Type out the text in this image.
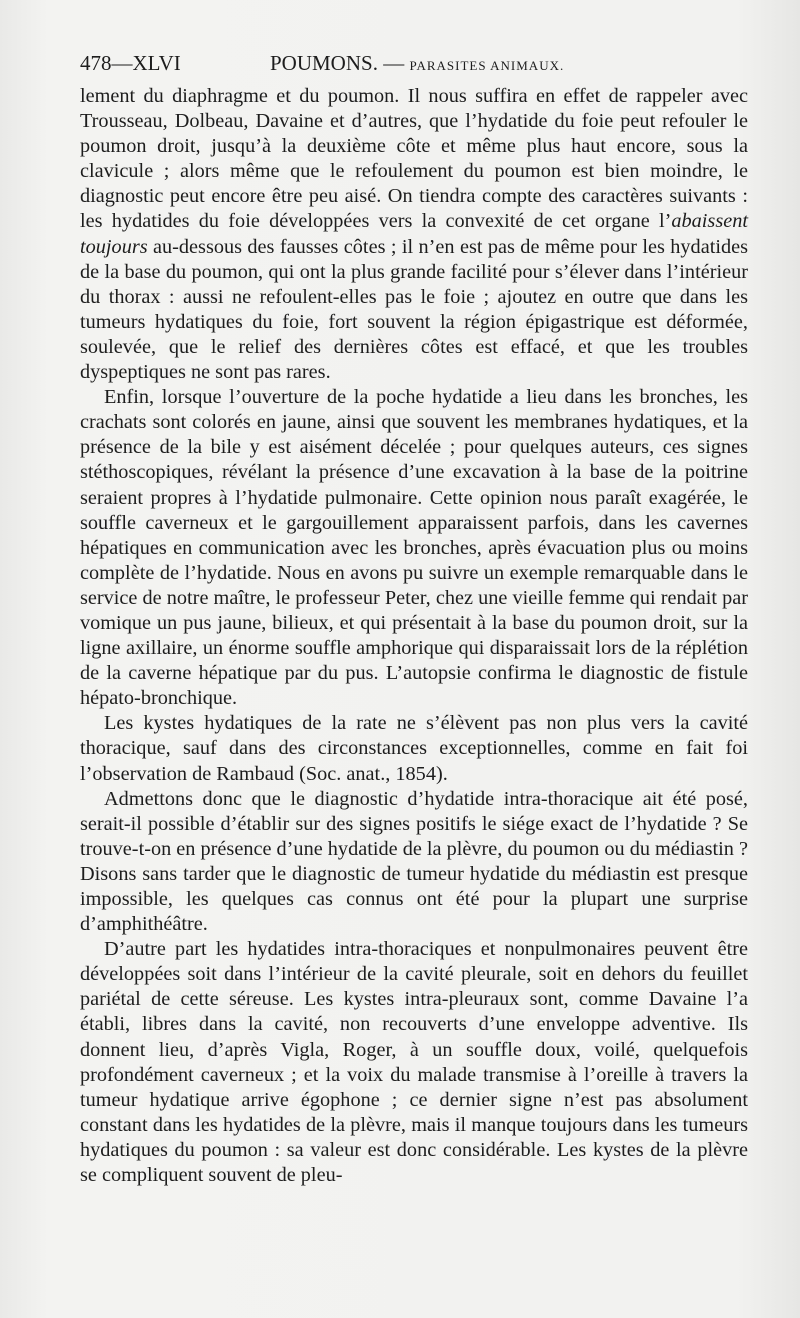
478—XLVI	POUMONS. — PARASITES ANIMAUX.

lement du diaphragme et du poumon. Il nous suffira en effet de rappeler avec Trousseau, Dolbeau, Davaine et d’autres, que l’hydatide du foie peut refouler le poumon droit, jusqu’à la deuxième côte et même plus haut encore, sous la clavicule ; alors même que le refoulement du poumon est bien moindre, le diagnostic peut encore être peu aisé. On tiendra compte des caractères suivants : les hydatides du foie développées vers la convexité de cet organe l’abaissent toujours au-dessous des fausses côtes ; il n’en est pas de même pour les hydatides de la base du poumon, qui ont la plus grande facilité pour s’élever dans l’intérieur du thorax : aussi ne refoulent-elles pas le foie ; ajoutez en outre que dans les tumeurs hydatiques du foie, fort souvent la région épigastrique est déformée, soulevée, que le relief des dernières côtes est effacé, et que les troubles dyspeptiques ne sont pas rares.

Enfin, lorsque l’ouverture de la poche hydatide a lieu dans les bronches, les crachats sont colorés en jaune, ainsi que souvent les membranes hydatiques, et la présence de la bile y est aisément décelée ; pour quelques auteurs, ces signes stéthoscopiques, révélant la présence d’une excavation à la base de la poitrine seraient propres à l’hydatide pulmonaire. Cette opinion nous paraît exagérée, le souffle caverneux et le gargouillement apparaissent parfois, dans les cavernes hépatiques en communication avec les bronches, après évacuation plus ou moins complète de l’hydatide. Nous en avons pu suivre un exemple remarquable dans le service de notre maître, le professeur Peter, chez une vieille femme qui rendait par vomique un pus jaune, bilieux, et qui présentait à la base du poumon droit, sur la ligne axillaire, un énorme souffle amphorique qui disparaissait lors de la réplétion de la caverne hépatique par du pus. L’autopsie confirma le diagnostic de fistule hépato-bronchique.

Les kystes hydatiques de la rate ne s’élèvent pas non plus vers la cavité thoracique, sauf dans des circonstances exceptionnelles, comme en fait foi l’observation de Rambaud (Soc. anat., 1854).

Admettons donc que le diagnostic d’hydatide intra-thoracique ait été posé, serait-il possible d’établir sur des signes positifs le siége exact de l’hydatide ? Se trouve-t-on en présence d’une hydatide de la plèvre, du poumon ou du médiastin ? Disons sans tarder que le diagnostic de tumeur hydatide du médiastin est presque impossible, les quelques cas connus ont été pour la plupart une surprise d’amphithéâtre.

D’autre part les hydatides intra-thoraciques et nonpulmonaires peuvent être développées soit dans l’intérieur de la cavité pleurale, soit en dehors du feuillet pariétal de cette séreuse. Les kystes intra-pleuraux sont, comme Davaine l’a établi, libres dans la cavité, non recouverts d’une enveloppe adventive. Ils donnent lieu, d’après Vigla, Roger, à un souffle doux, voilé, quelquefois profondément caverneux ; et la voix du malade transmise à l’oreille à travers la tumeur hydatique arrive égophone ; ce dernier signe n’est pas absolument constant dans les hydatides de la plèvre, mais il manque toujours dans les tumeurs hydatiques du poumon : sa valeur est donc considérable. Les kystes de la plèvre se compliquent souvent de pleu-
